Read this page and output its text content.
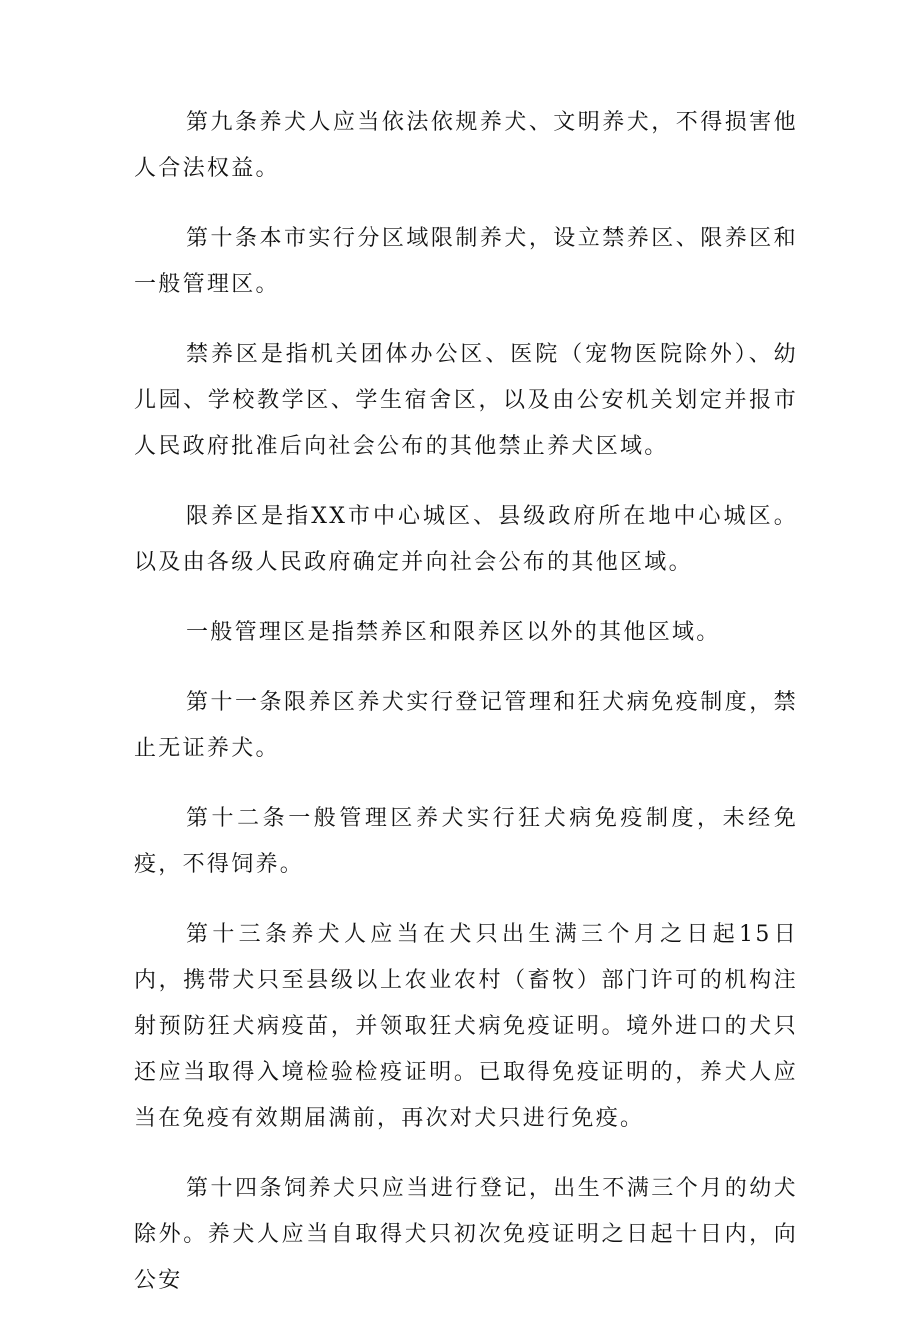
第九条养犬人应当依法依规养犬、文明养犬，不得损害他人合法权益。

第十条本市实行分区域限制养犬，设立禁养区、限养区和一般管理区。

禁养区是指机关团体办公区、医院（宠物医院除外）、幼儿园、学校教学区、学生宿舍区，以及由公安机关划定并报市人民政府批准后向社会公布的其他禁止养犬区域。

限养区是指XX市中心城区、县级政府所在地中心城区。以及由各级人民政府确定并向社会公布的其他区域。

一般管理区是指禁养区和限养区以外的其他区域。

第十一条限养区养犬实行登记管理和狂犬病免疫制度，禁止无证养犬。

第十二条一般管理区养犬实行狂犬病免疫制度，未经免疫，不得饲养。

第十三条养犬人应当在犬只出生满三个月之日起15日内，携带犬只至县级以上农业农村（畜牧）部门许可的机构注射预防狂犬病疫苗，并领取狂犬病免疫证明。境外进口的犬只还应当取得入境检验检疫证明。已取得免疫证明的，养犬人应当在免疫有效期届满前，再次对犬只进行免疫。

第十四条饲养犬只应当进行登记，出生不满三个月的幼犬除外。养犬人应当自取得犬只初次免疫证明之日起十日内，向公安
